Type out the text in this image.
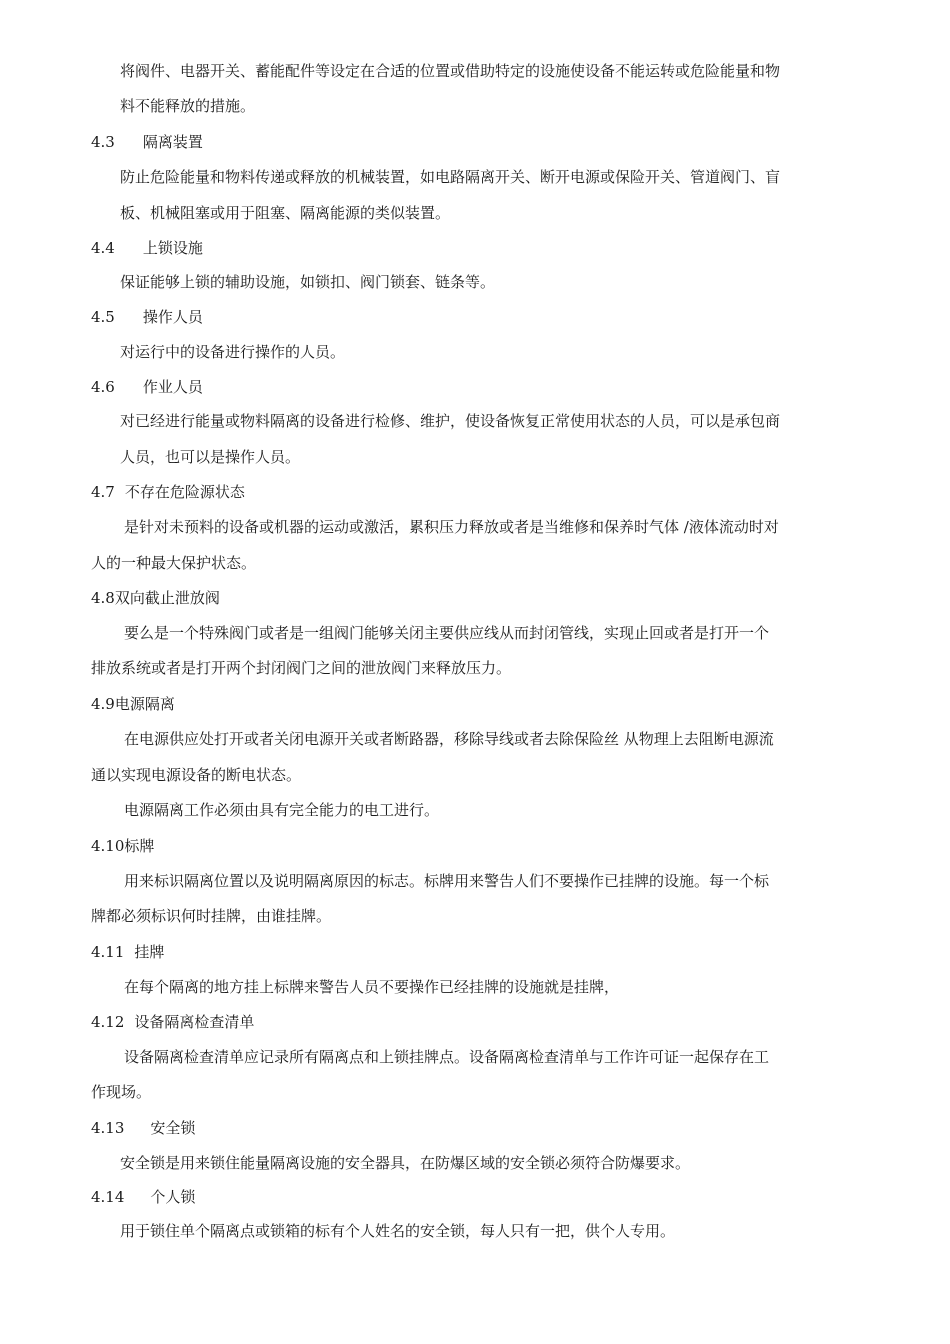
将阀件、电器开关、蓄能配件等设定在合适的位置或借助特定的设施使设备不能运转或危险能量和物

料不能释放的措施。

4.3 隔离装置

防止危险能量和物料传递或释放的机械装置，如电路隔离开关、断开电源或保险开关、管道阀门、盲

板、机械阻塞或用于阻塞、隔离能源的类似装置。

4.4 上锁设施

保证能够上锁的辅助设施，如锁扣、阀门锁套、链条等。

4.5 操作人员

对运行中的设备进行操作的人员。

4.6 作业人员

对已经进行能量或物料隔离的设备进行检修、维护，使设备恢复正常使用状态的人员，可以是承包商

人员，也可以是操作人员。

4.7 不存在危险源状态

是针对未预料的设备或机器的运动或激活，累积压力释放或者是当维修和保养时气体 /液体流动时对

人的一种最大保护状态。

4.8双向截止泄放阀

要么是一个特殊阀门或者是一组阀门能够关闭主要供应线从而封闭管线，实现止回或者是打开一个

排放系统或者是打开两个封闭阀门之间的泄放阀门来释放压力。

4.9电源隔离

在电源供应处打开或者关闭电源开关或者断路器，移除导线或者去除保险丝 从物理上去阻断电源流

通以实现电源设备的断电状态。

电源隔离工作必须由具有完全能力的电工进行。

4.10标牌

用来标识隔离位置以及说明隔离原因的标志。标牌用来警告人们不要操作已挂牌的设施。每一个标

牌都必须标识何时挂牌，由谁挂牌。

4.11 挂牌

在每个隔离的地方挂上标牌来警告人员不要操作已经挂牌的设施就是挂牌，

4.12 设备隔离检查清单

设备隔离检查清单应记录所有隔离点和上锁挂牌点。设备隔离检查清单与工作许可证一起保存在工

作现场。

4.13 安全锁

安全锁是用来锁住能量隔离设施的安全器具，在防爆区域的安全锁必须符合防爆要求。

4.14 个人锁

用于锁住单个隔离点或锁箱的标有个人姓名的安全锁，每人只有一把，供个人专用。
